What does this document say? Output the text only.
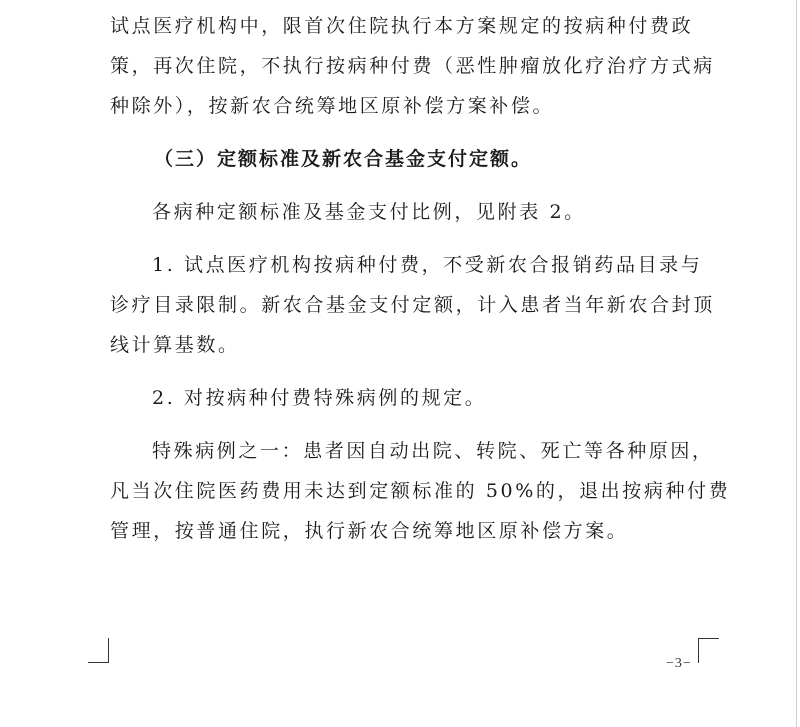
试点医疗机构中，限首次住院执行本方案规定的按病种付费政

策，再次住院，不执行按病种付费（恶性肿瘤放化疗治疗方式病

种除外），按新农合统筹地区原补偿方案补偿。

（三）定额标准及新农合基金支付定额。

各病种定额标准及基金支付比例，见附表 2。

1. 试点医疗机构按病种付费，不受新农合报销药品目录与

诊疗目录限制。新农合基金支付定额，计入患者当年新农合封顶

线计算基数。

2. 对按病种付费特殊病例的规定。

特殊病例之一：患者因自动出院、转院、死亡等各种原因，

凡当次住院医药费用未达到定额标准的 50%的，退出按病种付费

管理，按普通住院，执行新农合统筹地区原补偿方案。

−3−
